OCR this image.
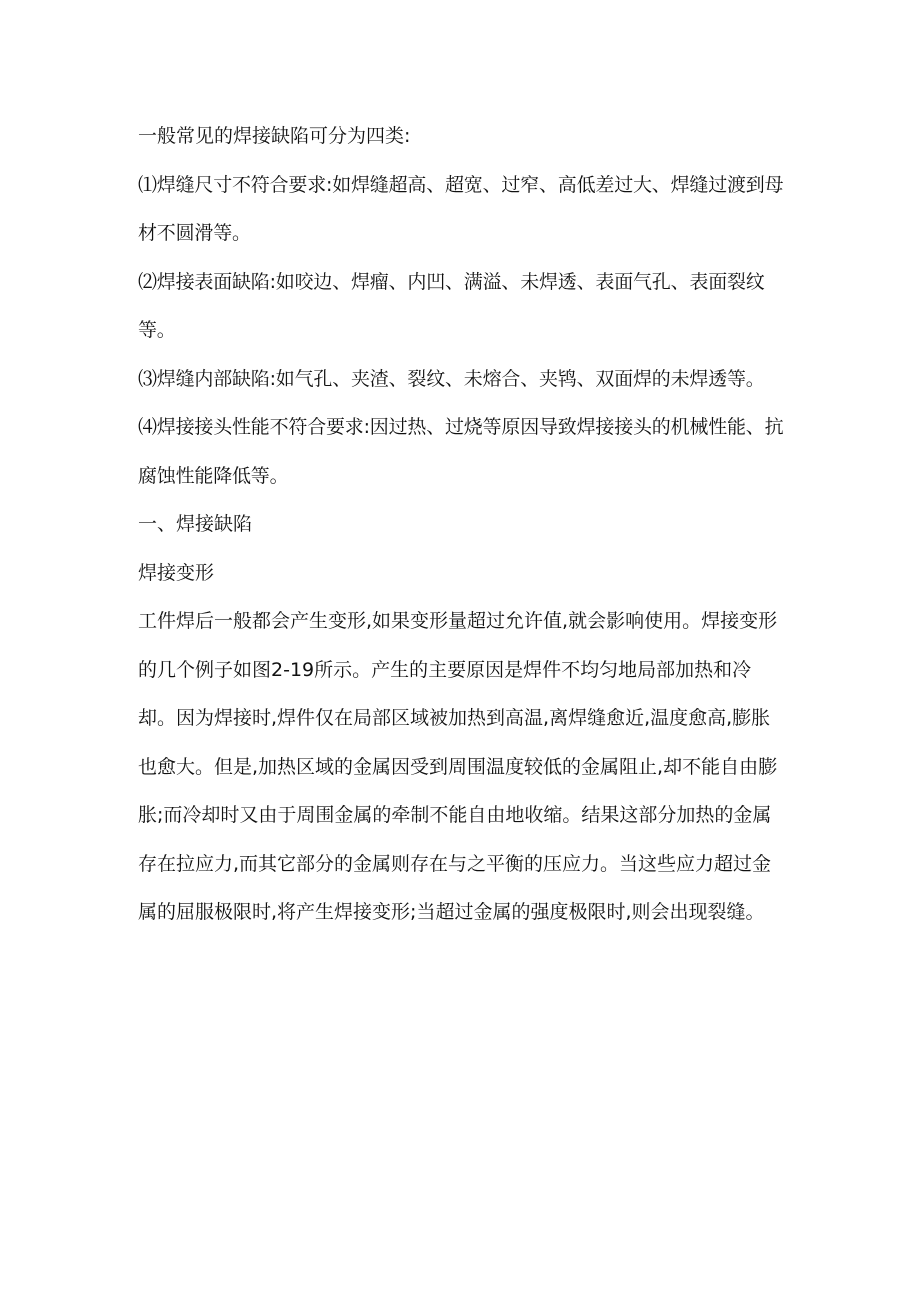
一般常见的焊接缺陷可分为四类:

⑴焊缝尺寸不符合要求:如焊缝超高、超宽、过窄、高低差过大、焊缝过渡到母材不圆滑等。

⑵焊接表面缺陷:如咬边、焊瘤、内凹、满溢、未焊透、表面气孔、表面裂纹等。

⑶焊缝内部缺陷:如气孔、夹渣、裂纹、未熔合、夹鸨、双面焊的未焊透等。

⑷焊接接头性能不符合要求:因过热、过烧等原因导致焊接接头的机械性能、抗腐蚀性能降低等。

一、焊接缺陷

焊接变形

工件焊后一般都会产生变形,如果变形量超过允许值,就会影响使用。焊接变形的几个例子如图2-19所示。产生的主要原因是焊件不均匀地局部加热和冷却。因为焊接时,焊件仅在局部区域被加热到高温,离焊缝愈近,温度愈高,膨胀也愈大。但是,加热区域的金属因受到周围温度较低的金属阻止,却不能自由膨胀;而冷却时又由于周围金属的牵制不能自由地收缩。结果这部分加热的金属存在拉应力,而其它部分的金属则存在与之平衡的压应力。当这些应力超过金属的屈服极限时,将产生焊接变形;当超过金属的强度极限时,则会出现裂缝。
